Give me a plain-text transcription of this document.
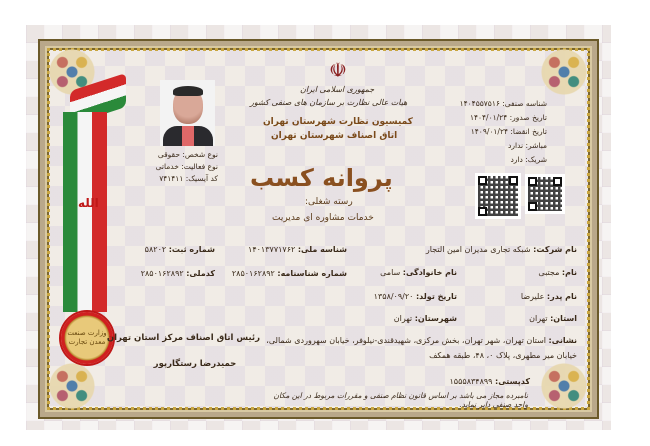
الله
وزارت صنعت معدن تجارت
☫
جمهوری اسلامی ایران
هیات عالی نظارت بر سازمان های صنفی کشور
کمیسیون نظارت شهرستان تهران
اتاق اصناف شهرستان تهران
پروانه کسب
رسته شغلی:
خدمات مشاوره ای مدیریت
نوع شخص: حقوقی
نوع فعالیت: خدماتی
کد آیسیک: ۷۴۱۴۱۱
شناسه صنفی: ۱۴۰۴۵۵۷۵۱۶
تاریخ صدور: ۱۴۰۴/۰۱/۲۴
تاریخ انقضا: ۱۴۰۹/۰۱/۲۴
مباشر: ندارد
شریک: دارد
نام شرکت: شبکه تجاری مدیران امین التجار
نام: مجتبی
نام پدر: علیرضا
استان: تهران
نام خانوادگی: سامی
تاریخ تولد: ۱۳۵۸/۰۹/۲۰
شهرستان: تهران
شناسه ملی: ۱۴۰۱۳۷۷۱۷۶۲
شماره شناسنامه: ۲۸۵۰۱۶۲۸۹۲
شماره ثبت: ۵۸۲۰۲
کدملی: ۲۸۵۰۱۶۲۸۹۲
نشانی: استان تهران، شهر تهران، بخش مرکزی، شهیدقندی-نیلوفر، خیابان سهروردی شمالی،
خیابان میر مطهری، پلاک ۰، ۴۸، طبقه همکف
کدپستی: ۱۵۵۵۸۳۴۸۹۹
رئیس اتاق اصناف مرکز استان تهران
حمیدرضا رستگارپور
نامبرده مجاز می باشد بر اساس قانون نظام صنفی و مقررات مربوط در این مکان واحد صنفی دایر نماید.
